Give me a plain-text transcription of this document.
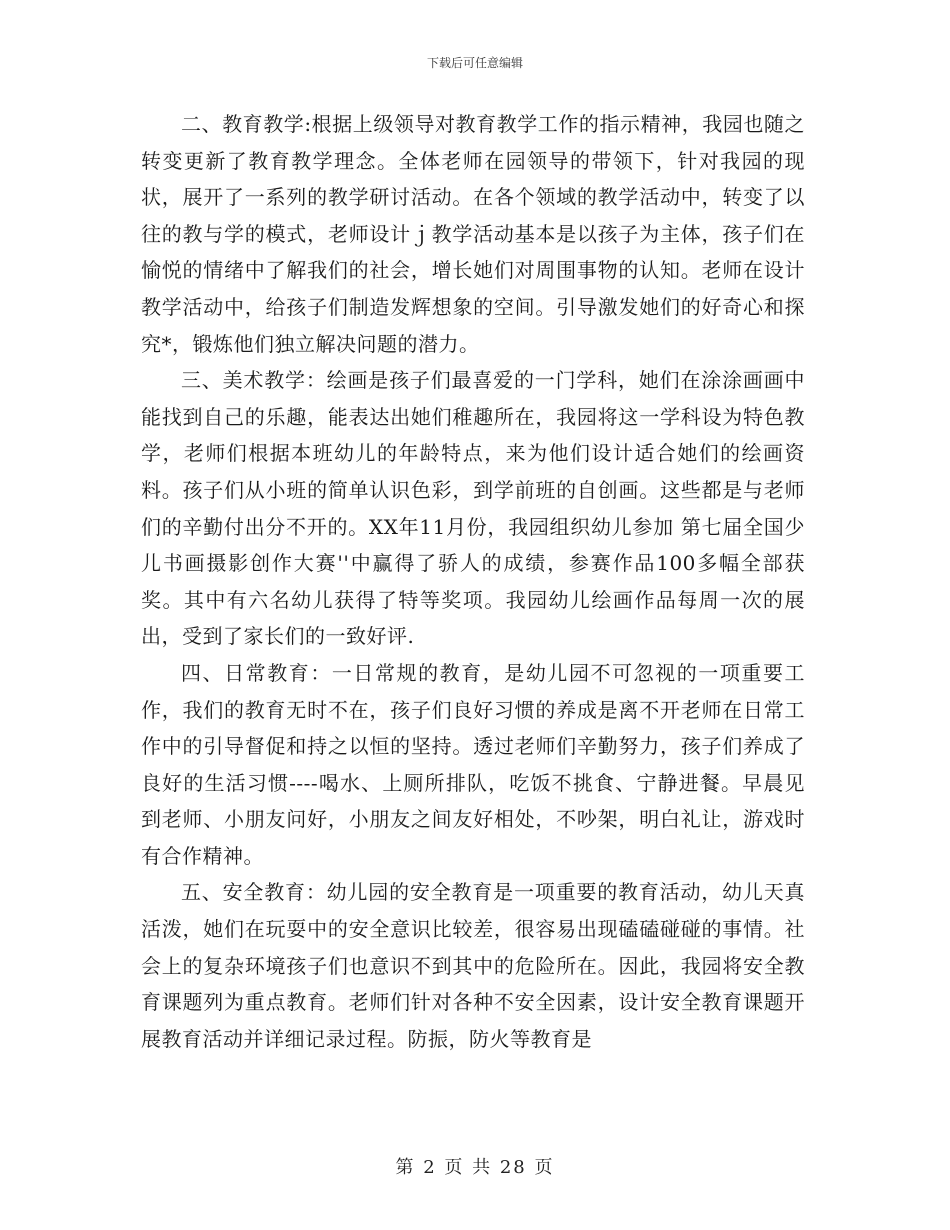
下载后可任意编辑

二、教育教学:根据上级领导对教育教学工作的指示精神，我园也随之转变更新了教育教学理念。全体老师在园领导的带领下，针对我园的现状，展开了一系列的教学研讨活动。在各个领域的教学活动中，转变了以往的教与学的模式，老师设计ｊ教学活动基本是以孩子为主体，孩子们在愉悦的情绪中了解我们的社会，增长她们对周围事物的认知。老师在设计教学活动中，给孩子们制造发辉想象的空间。引导激发她们的好奇心和探究*，锻炼他们独立解决问题的潜力。

三、美术教学：绘画是孩子们最喜爱的一门学科，她们在涂涂画画中能找到自己的乐趣，能表达出她们稚趣所在，我园将这一学科设为特色教学，老师们根据本班幼儿的年龄特点，来为他们设计适合她们的绘画资料。孩子们从小班的简单认识色彩，到学前班的自创画。这些都是与老师们的辛勤付出分不开的。XX年11月份，我园组织幼儿参加 第七届全国少儿书画摄影创作大赛''中赢得了骄人的成绩，参赛作品100多幅全部获奖。其中有六名幼儿获得了特等奖项。我园幼儿绘画作品每周一次的展出，受到了家长们的一致好评.

四、日常教育：一日常规的教育，是幼儿园不可忽视的一项重要工作，我们的教育无时不在，孩子们良好习惯的养成是离不开老师在日常工作中的引导督促和持之以恒的坚持。透过老师们辛勤努力，孩子们养成了良好的生活习惯----喝水、上厕所排队，吃饭不挑食、宁静进餐。早晨见到老师、小朋友问好，小朋友之间友好相处，不吵架，明白礼让，游戏时有合作精神。

五、安全教育：幼儿园的安全教育是一项重要的教育活动，幼儿天真活泼，她们在玩耍中的安全意识比较差，很容易出现磕磕碰碰的事情。社会上的复杂环境孩子们也意识不到其中的危险所在。因此，我园将安全教育课题列为重点教育。老师们针对各种不安全因素，设计安全教育课题开展教育活动并详细记录过程。防振，防火等教育是

第 2 页 共 28 页
